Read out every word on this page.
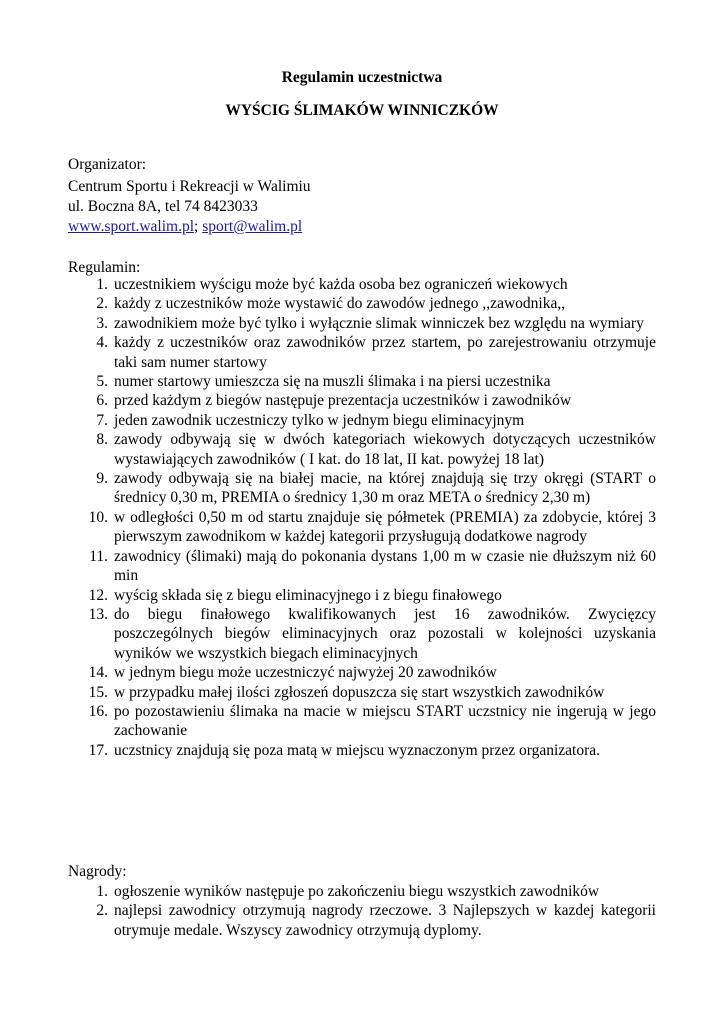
Regulamin uczestnictwa
WYŚCIG ŚLIMAKÓW WINNICZKÓW

Organizator:

Centrum Sportu i Rekreacji w Walimiu

ul. Boczna 8A, tel 74 8423033

www.sport.walim.pl; sport@walim.pl

Regulamin:

1. uczestnikiem wyścigu może być każda osoba bez ograniczeń wiekowych
2. każdy z uczestników może wystawić do zawodów jednego ,,zawodnika,,
3. zawodnikiem może być tylko i wyłącznie slimak winniczek bez względu na wymiary
4. każdy z uczestników oraz zawodników przez startem, po zarejestrowaniu otrzymuje taki sam numer startowy
5. numer startowy umieszcza się na muszli ślimaka i na piersi uczestnika
6. przed każdym z biegów następuje prezentacja uczestników i zawodników
7. jeden zawodnik uczestniczy tylko w jednym biegu eliminacyjnym
8. zawody odbywają się w dwóch kategoriach wiekowych dotyczących uczestników wystawiających zawodników ( I kat. do 18 lat, II kat. powyżej 18 lat)
9. zawody odbywają się na białej macie, na której znajdują się trzy okręgi (START o średnicy 0,30 m, PREMIA o średnicy 1,30 m oraz META o średnicy 2,30 m)
10. w odległości 0,50 m od startu znajduje się półmetek (PREMIA) za zdobycie, której 3 pierwszym zawodnikom w każdej kategorii przysługują dodatkowe nagrody
11. zawodnicy (ślimaki) mają do pokonania dystans 1,00 m w czasie nie dłuższym niż 60 min
12. wyścig składa się z biegu eliminacyjnego i z biegu finałowego
13. do biegu finałowego kwalifikowanych jest 16 zawodników. Zwycięzcy poszczególnych biegów eliminacyjnych oraz pozostali w kolejności uzyskania wyników we wszystkich biegach eliminacyjnych
14. w jednym biegu może uczestniczyć najwyżej 20 zawodników
15. w przypadku małej ilości zgłoszeń dopuszcza się start wszystkich zawodników
16. po pozostawieniu ślimaka na macie w miejscu START uczstnicy nie ingerują w jego zachowanie
17. uczstnicy znajdują się poza matą w miejscu wyznaczonym przez organizatora.

Nagrody:

1. ogłoszenie wyników następuje po zakończeniu biegu wszystkich zawodników
2. najlepsi zawodnicy otrzymują nagrody rzeczowe. 3 Najlepszych w kazdej kategorii otrymuje medale. Wszyscy zawodnicy otrzymują dyplomy.
